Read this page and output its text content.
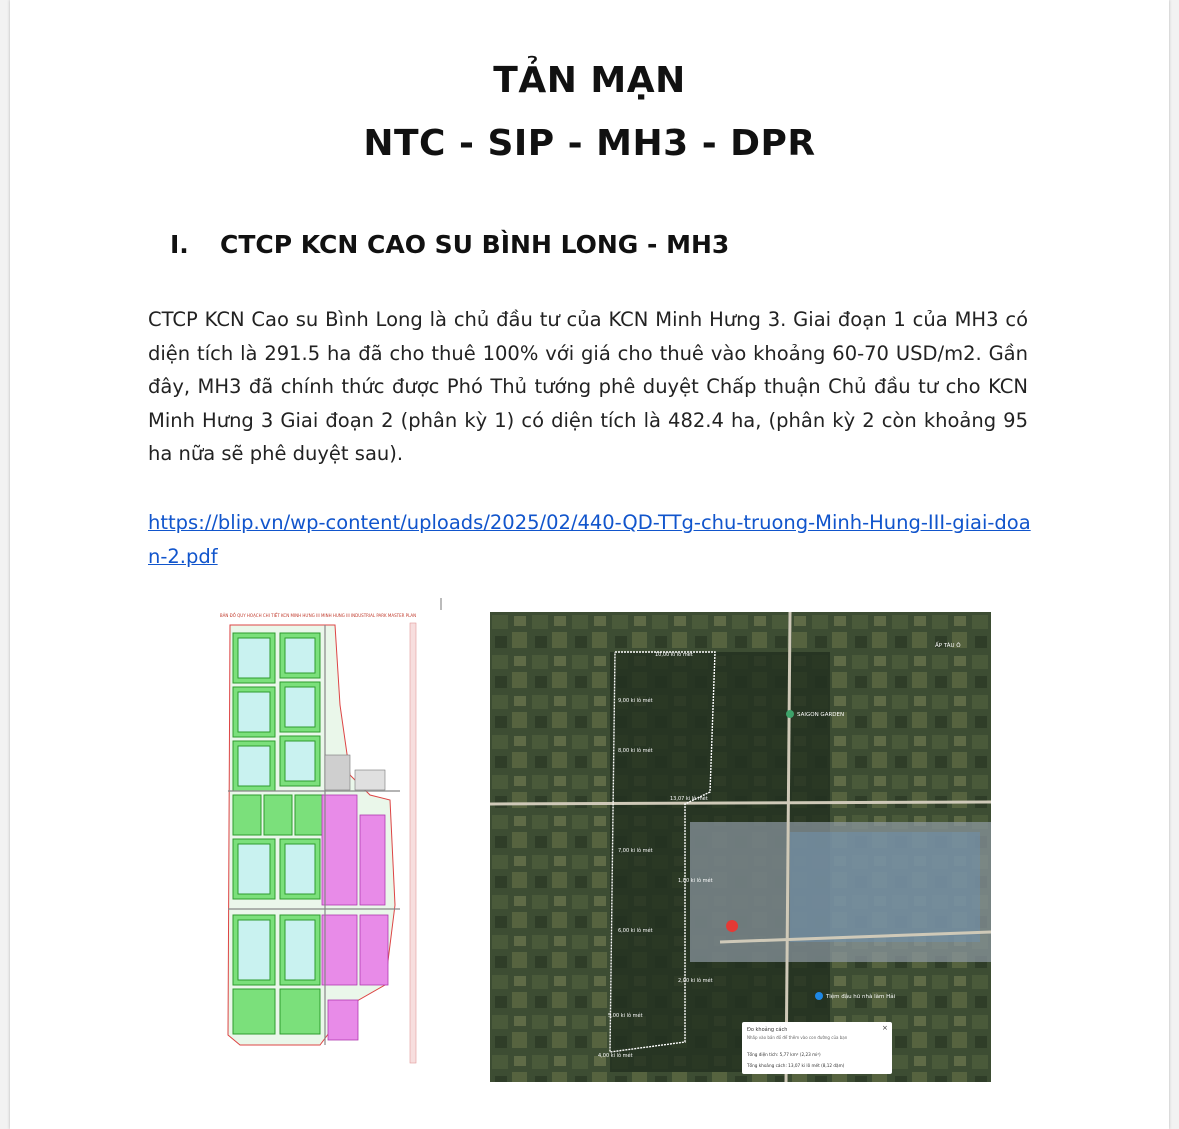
TẢN MẠN
NTC - SIP - MH3 - DPR
I. CTCP KCN CAO SU BÌNH LONG - MH3

CTCP KCN Cao su Bình Long là chủ đầu tư của KCN Minh Hưng 3. Giai đoạn 1 của MH3 có diện tích là 291.5 ha đã cho thuê 100% với giá cho thuê vào khoảng 60-70 USD/m2. Gần đây, MH3 đã chính thức được Phó Thủ tướng phê duyệt Chấp thuận Chủ đầu tư cho KCN Minh Hưng 3 Giai đoạn 2 (phân kỳ 1) có diện tích là 482.4 ha, (phân kỳ 2 còn khoảng 95 ha nữa sẽ phê duyệt sau).

https://blip.vn/wp-content/uploads/2025/02/440-QD-TTg-chu-truong-Minh-Hung-III-giai-doan-2.pdf
BẢN ĐỒ QUY HOẠCH CHI TIẾT KCN MINH HƯNG III MINH HUNG III INDUSTRIAL PARK MASTER PLAN
10,00 ki lô mét
9,00 ki lô mét
8,00 ki lô mét
13,07 ki lô mét
7,00 ki lô mét
1,00 ki lô mét
6,00 ki lô mét
2,00 ki lô mét
5,00 ki lô mét
4,00 ki lô mét
SAIGON GARDEN
ẤP TÀU Ô
Tiệm đậu hũ nhà làm Hải
Đo khoảng cách
Nhấp vào bản đồ để thêm vào con đường của bạn
Tổng diện tích: 5,77 km² (2,23 mi²)
Tổng khoảng cách: 13,07 ki lô mét (8,12 dặm)
×
